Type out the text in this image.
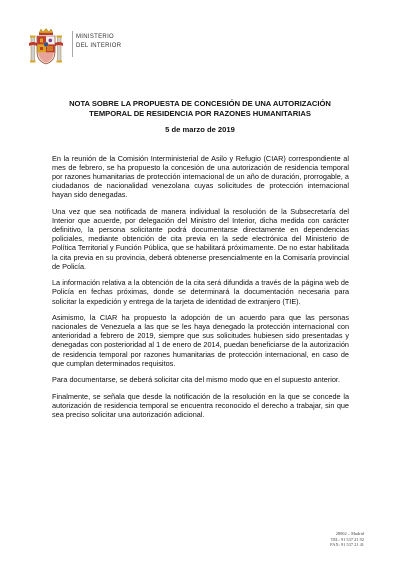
MINISTERIO
DEL INTERIOR
NOTA SOBRE LA PROPUESTA DE CONCESIÓN DE UNA AUTORIZACIÓN
TEMPORAL DE RESIDENCIA POR RAZONES HUMANITARIAS
5 de marzo de 2019

En la reunión de la Comisión Interministerial de Asilo y Refugio (CIAR) correspondiente al mes de febrero, se ha propuesto la concesión de una autorización de residencia temporal por razones humanitarias de protección internacional de un año de duración, prorrogable, a ciudadanos de nacionalidad venezolana cuyas solicitudes de protección internacional hayan sido denegadas.

Una vez que sea notificada de manera individual la resolución de la Subsecretaría del Interior que acuerde, por delegación del Ministro del Interior, dicha medida con carácter definitivo, la persona solicitante podrá documentarse directamente en dependencias policiales, mediante obtención de cita previa en la sede electrónica del Ministerio de Política Territorial y Función Pública, que se habilitará próximamente. De no estar habilitada la cita previa en su provincia, deberá obtenerse presencialmente en la Comisaría provincial de Policía.

La información relativa a la obtención de la cita será difundida a través de la página web de Policía en fechas próximas, donde se determinará la documentación necesaria para solicitar la expedición y entrega de la tarjeta de identidad de extranjero (TIE).

Asimismo, la CIAR ha propuesto la adopción de un acuerdo para que las personas nacionales de Venezuela a las que se les haya denegado la protección internacional con anterioridad a febrero de 2019, siempre que sus solicitudes hubiesen sido presentadas y denegadas con posterioridad al 1 de enero de 2014, puedan beneficiarse de la autorización de residencia temporal por razones humanitarias de protección internacional, en caso de que cumplan determinados requisitos.

Para documentarse, se deberá solicitar cita del mismo modo que en el supuesto anterior.

Finalmente, se señala que desde la notificación de la resolución en la que se concede la autorización de residencia temporal se encuentra reconocido el derecho a trabajar, sin que sea preciso solicitar una autorización adicional.

28002 – Madrid
TEL: 91 537 21 92
FAX: 91 537 21 41
